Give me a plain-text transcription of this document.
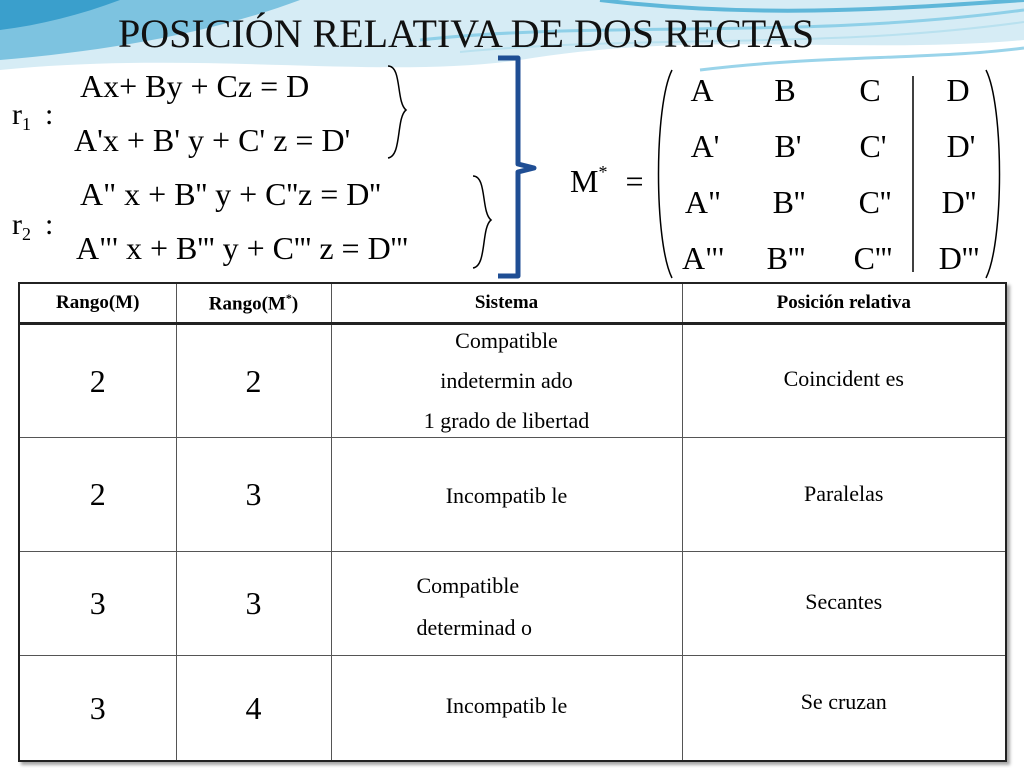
POSICIÓN RELATIVA DE DOS RECTAS
$r_1$ :
$r_2$ :
Ax+ By + Cz = D
A'x + B' y + C' z = D'
A" x + B'' y + C''z = D''
A"' x + B''' y + C''' z = D'''
M* =
A	B	C	D
A'	B'	C'	D'
A"	B''	C''	D''
A"'	B'''	C'''	D'''
Rango(M)	Rango(M*)	Sistema	Posición relativa
2	2	Compatible
indetermin ado
1 grado de libertad	Coincident es

2	3	Incompatib le	Paralelas

3	3	Compatible
determinad o	Secantes

3	4	Incompatib le	Se cruzan
